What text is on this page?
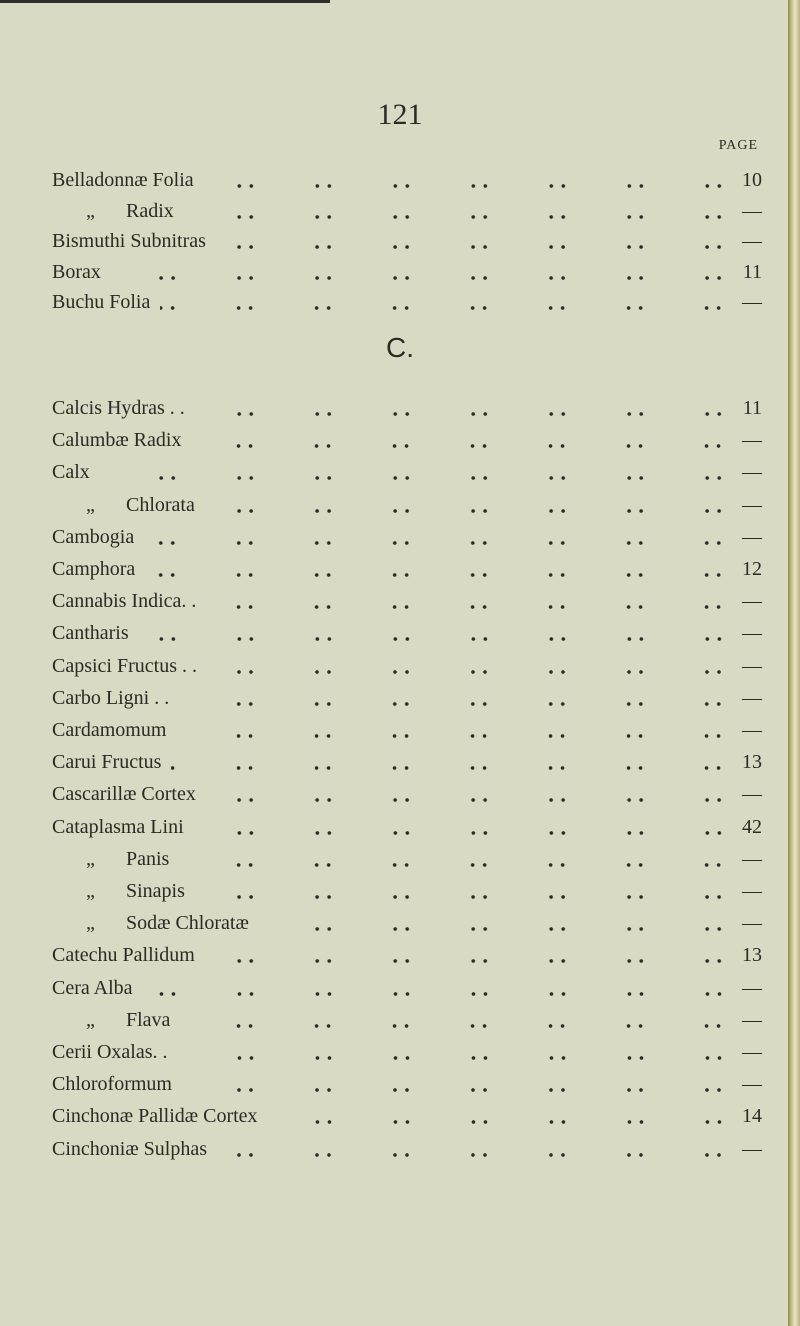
121
PAGE
Belladonnæ Folia	10
„	Radix	—
Bismuthi Subnitras	—
Borax	11
Buchu Folia	—
C.
Calcis Hydras . .	11
Calumbæ Radix	—
Calx	—
„	Chlorata	—
Cambogia	—
Camphora	12
Cannabis Indica. .	—
Cantharis	—
Capsici Fructus . .	—
Carbo Ligni . .	—
Cardamomum	—
Carui Fructus	13
Cascarillæ Cortex	—
Cataplasma Lini	42
„	Panis	—
„	Sinapis	—
„	Sodæ Chloratæ	—
Catechu Pallidum	13
Cera Alba	—
„	Flava	—
Cerii Oxalas. .	—
Chloroformum	—
Cinchonæ Pallidæ Cortex	14
Cinchoniæ Sulphas	—
